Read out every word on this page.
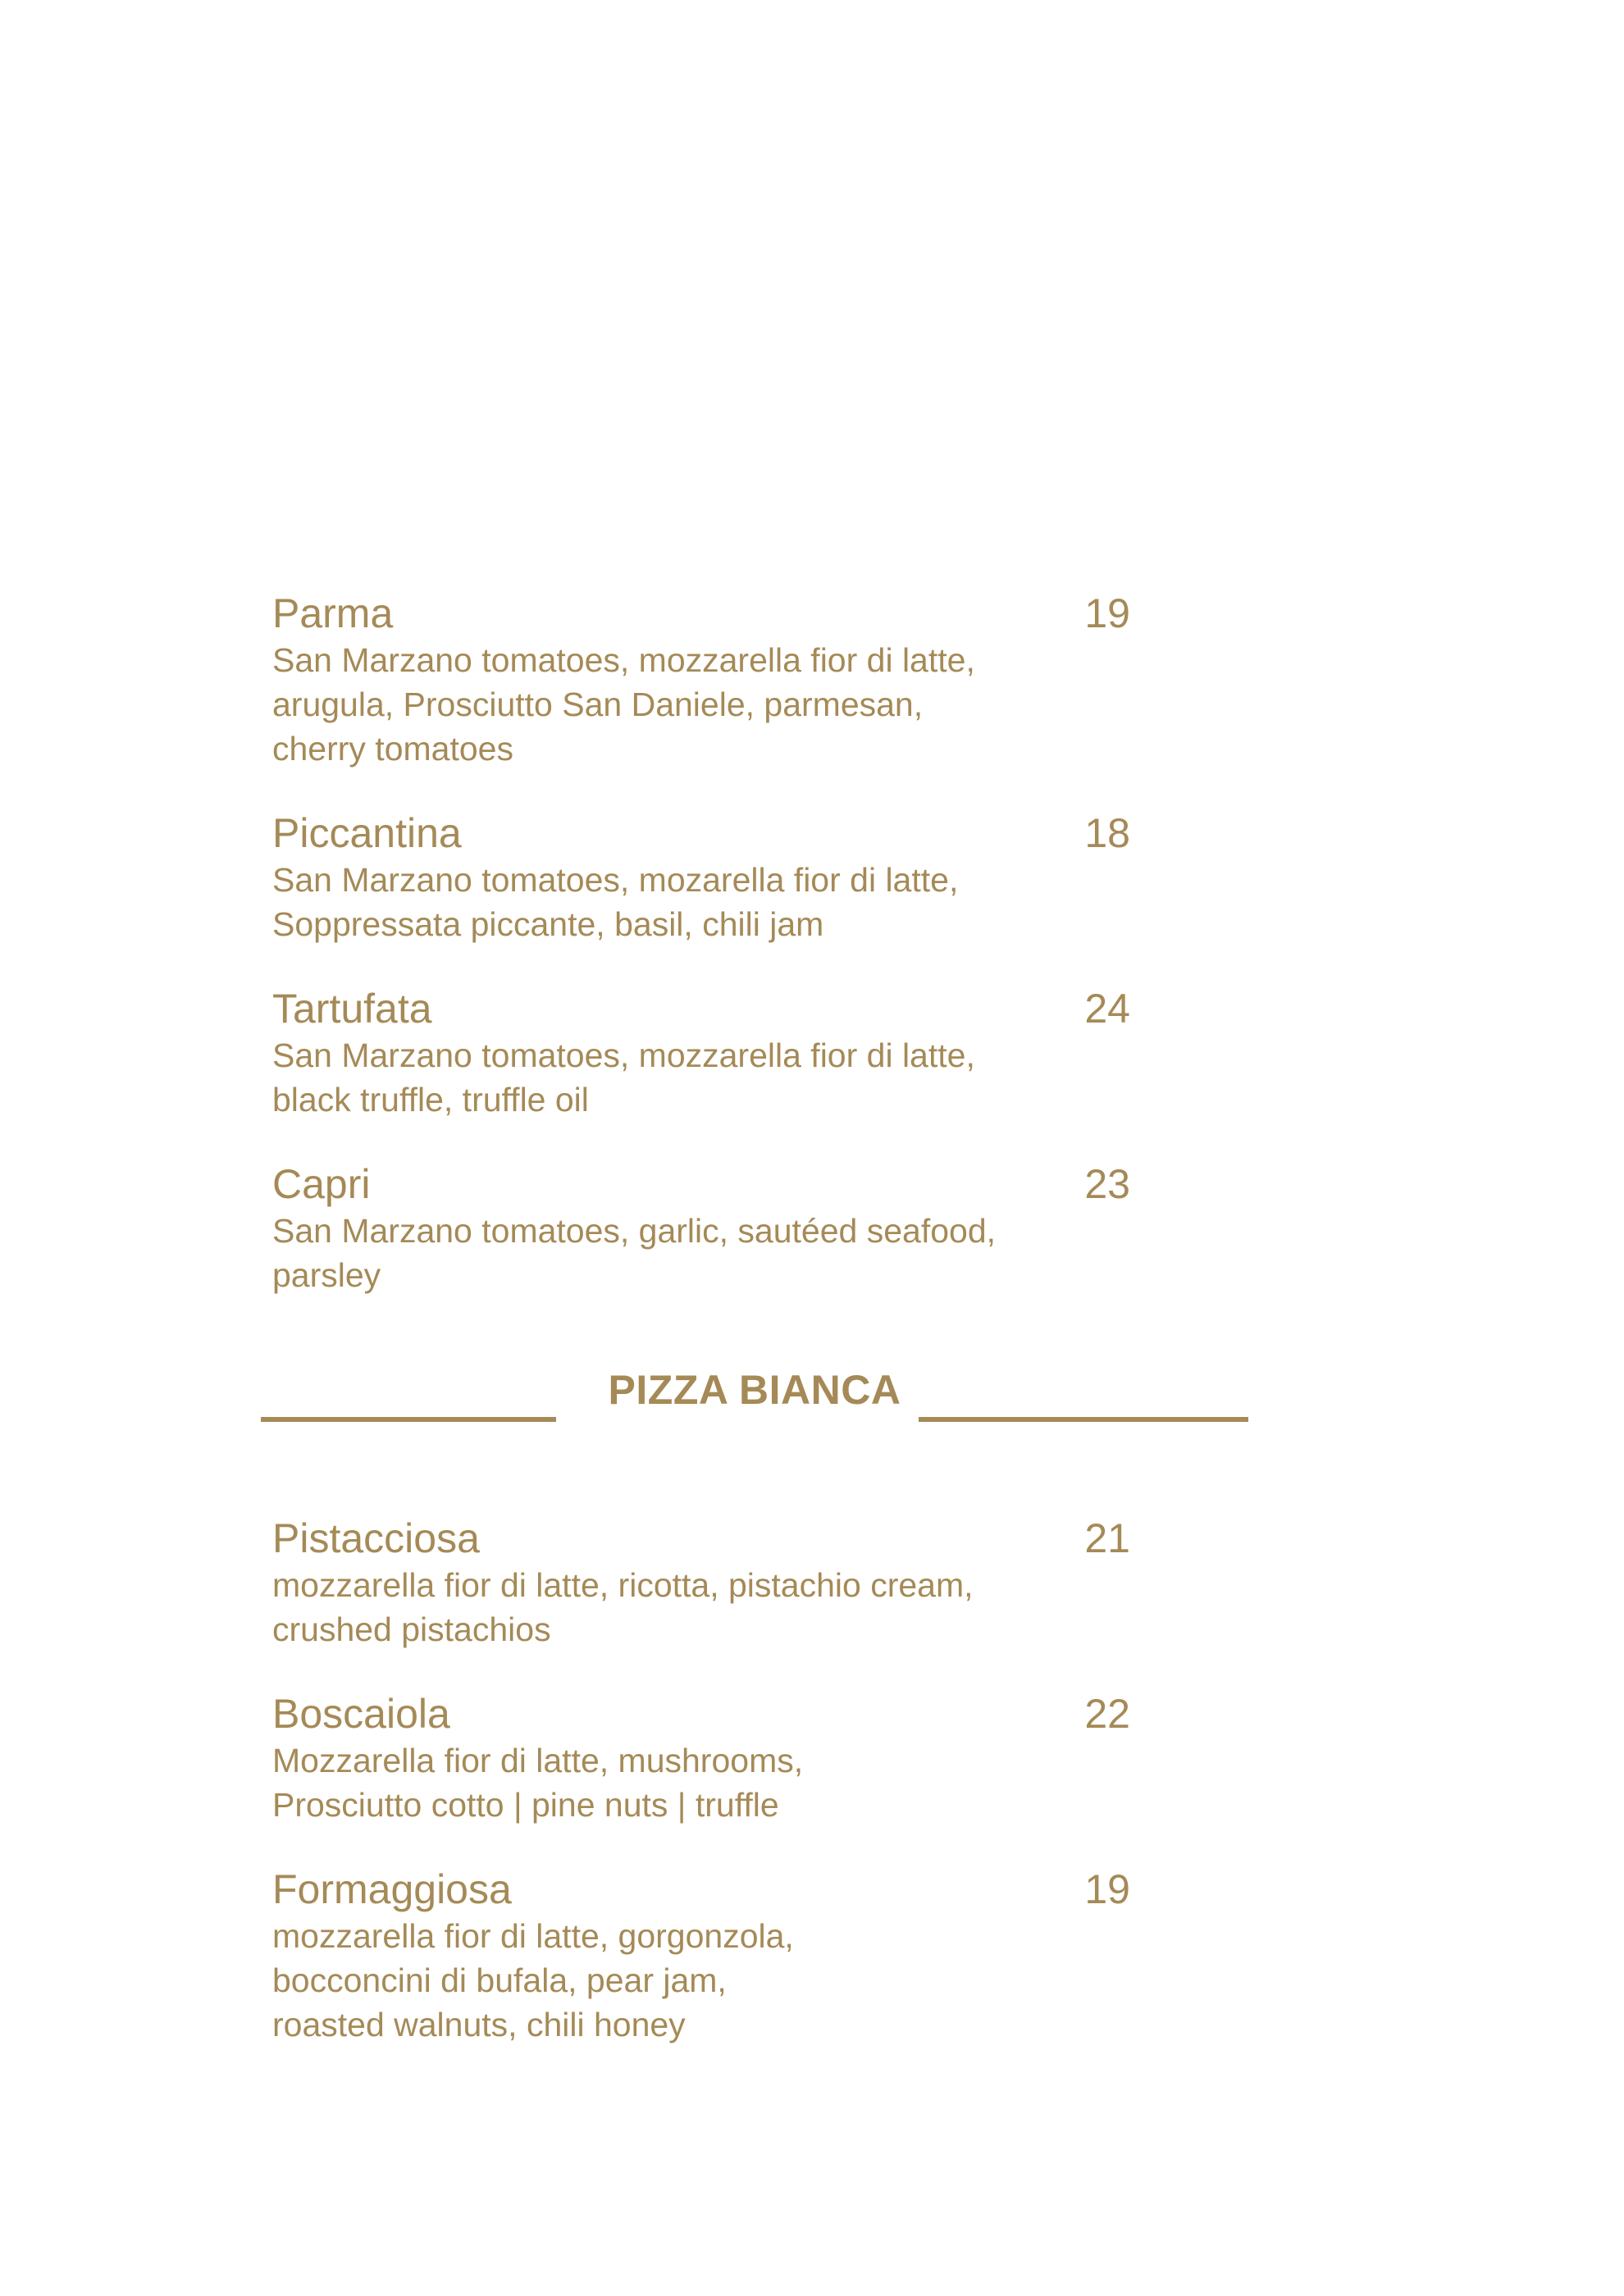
Parma	19
San Marzano tomatoes, mozzarella fior di latte,
arugula, Prosciutto San Daniele, parmesan,
cherry tomatoes
Piccantina	18
San Marzano tomatoes, mozarella fior di latte,
Soppressata piccante, basil, chili jam
Tartufata	24
San Marzano tomatoes, mozzarella fior di latte,
black truffle, truffle oil
Capri	23
San Marzano tomatoes, garlic, sautéed seafood,
parsley
PIZZA BIANCA
Pistacciosa	21
mozzarella fior di latte, ricotta, pistachio cream,
crushed pistachios
Boscaiola	22
Mozzarella fior di latte, mushrooms,
Prosciutto cotto | pine nuts | truffle
Formaggiosa	19
mozzarella fior di latte, gorgonzola,
bocconcini di bufala, pear jam,
roasted walnuts, chili honey
